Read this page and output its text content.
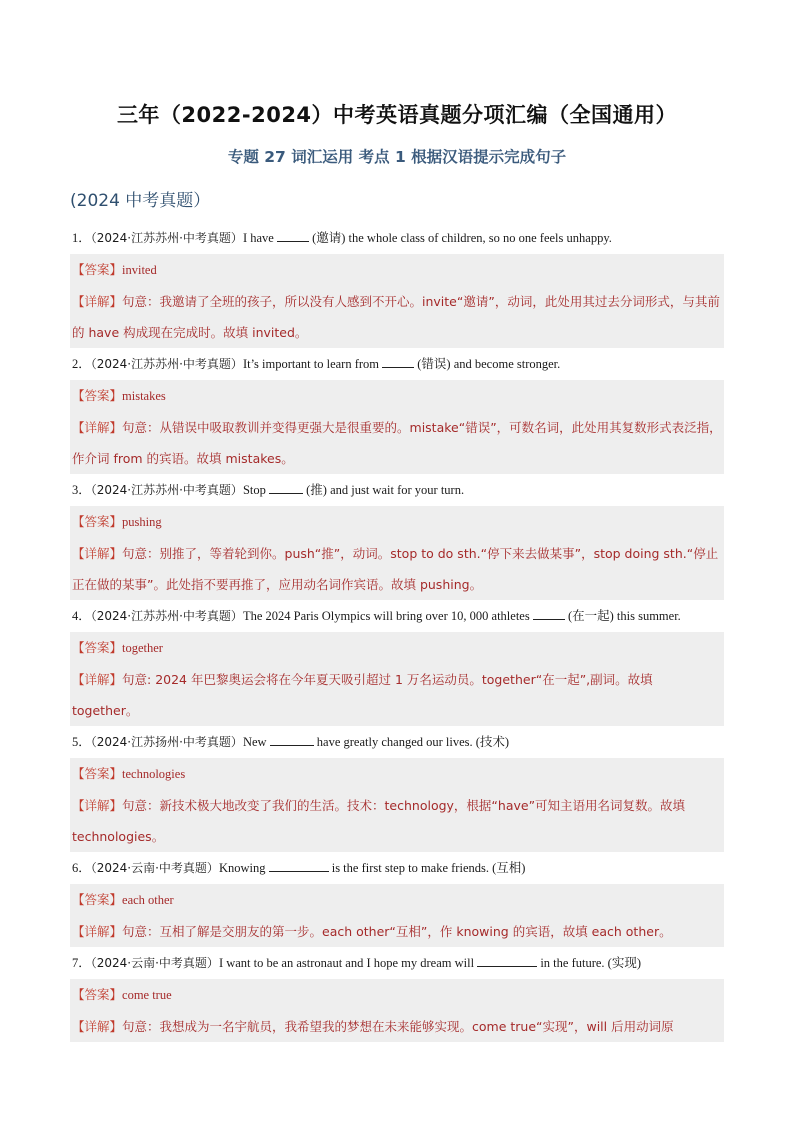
三年（2022-2024）中考英语真题分项汇编（全国通用）
专题 27 词汇运用 考点 1 根据汉语提示完成句子
(2024 中考真题）
1．（2024·江苏苏州·中考真题）I have	(邀请) the whole class of children, so no one feels unhappy.
【答案】invited
【详解】句意：我邀请了全班的孩子，所以没有人感到不开心。invite“邀请”，动词，此处用其过去分词形式，与其前的 have 构成现在完成时。故填 invited。
2．（2024·江苏苏州·中考真题）It’s important to learn from	(错误) and become stronger.
【答案】mistakes
【详解】句意：从错误中吸取教训并变得更强大是很重要的。mistake“错误”，可数名词，此处用其复数形式表泛指，作介词 from 的宾语。故填 mistakes。
3．（2024·江苏苏州·中考真题）Stop	(推) and just wait for your turn.
【答案】pushing
【详解】句意：别推了，等着轮到你。push“推”，动词。stop to do sth.“停下来去做某事”，stop doing sth.“停止正在做的某事”。此处指不要再推了，应用动名词作宾语。故填 pushing。
4．（2024·江苏苏州·中考真题）The 2024 Paris Olympics will bring over 10, 000 athletes	(在一起) this summer.
【答案】together
【详解】句意: 2024 年巴黎奥运会将在今年夏天吸引超过 1 万名运动员。together“在一起”,副词。故填 together。
5．（2024·江苏扬州·中考真题）New	have greatly changed our lives. (技术)
【答案】technologies
【详解】句意：新技术极大地改变了我们的生活。技术：technology，根据“have”可知主语用名词复数。故填 technologies。
6．（2024·云南·中考真题）Knowing	is the first step to make friends. (互相)
【答案】each other
【详解】句意：互相了解是交朋友的第一步。each other“互相”，作 knowing 的宾语，故填 each other。
7．（2024·云南·中考真题）I want to be an astronaut and I hope my dream will	in the future. (实现)
【答案】come true
【详解】句意：我想成为一名宇航员，我希望我的梦想在未来能够实现。come true“实现”，will 后用动词原
